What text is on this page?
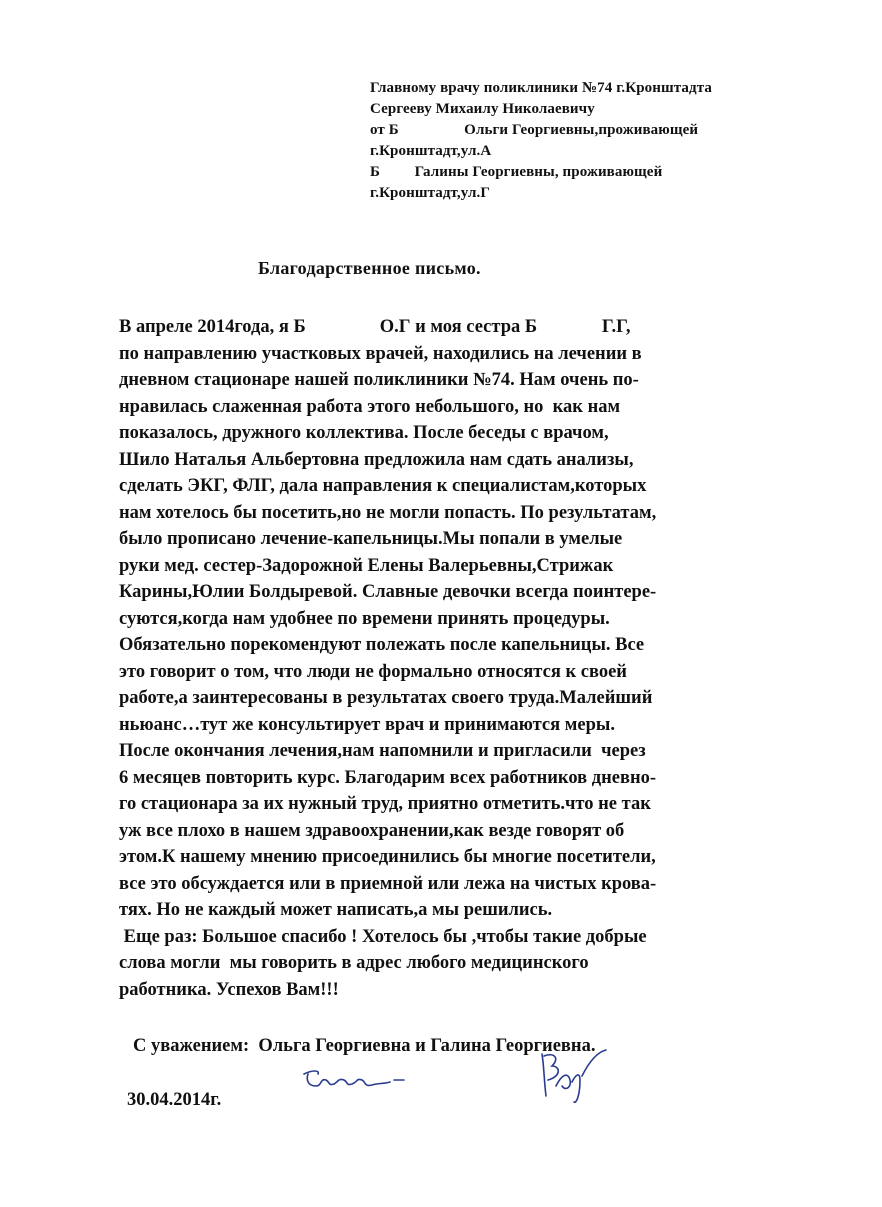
Главному врачу поликлиники №74 г.Кронштадта
Сергееву Михаилу Николаевичу
от Б                 Ольги Георгиевны,проживающей
г.Кронштадт,ул.А
Б         Галины Георгиевны, проживающей
г.Кронштадт,ул.Г
Благодарственное письмо.
В апреле 2014года, я Б                О.Г и моя сестра Б              Г.Г,
по направлению участковых врачей, находились на лечении в
дневном стационаре нашей поликлиники №74. Нам очень по-
нравилась слаженная работа этого небольшого, но  как нам
показалось, дружного коллектива. После беседы с врачом,
Шило Наталья Альбертовна предложила нам сдать анализы,
сделать ЭКГ, ФЛГ, дала направления к специалистам,которых
нам хотелось бы посетить,но не могли попасть. По результатам,
было прописано лечение-капельницы.Мы попали в умелые
руки мед. сестер-Задорожной Елены Валерьевны,Стрижак
Карины,Юлии Болдыревой. Славные девочки всегда поинтере-
суются,когда нам удобнее по времени принять процедуры.
Обязательно порекомендуют полежать после капельницы. Все
это говорит о том, что люди не формально относятся к своей
работе,а заинтересованы в результатах своего труда.Малейший
ньюанс…тут же консультирует врач и принимаются меры.
После окончания лечения,нам напомнили и пригласили  через
6 месяцев повторить курс. Благодарим всех работников дневно-
го стационара за их нужный труд, приятно отметить.что не так
уж все плохо в нашем здравоохранении,как везде говорят об
этом.К нашему мнению присоединились бы многие посетители,
все это обсуждается или в приемной или лежа на чистых крова-
тях. Но не каждый может написать,а мы решились.
Еще раз: Большое спасибо ! Хотелось бы ,чтобы такие добрые
слова могли  мы говорить в адрес любого медицинского
работника. Успехов Вам!!!
С уважением:  Ольга Георгиевна и Галина Георгиевна.
30.04.2014г.
